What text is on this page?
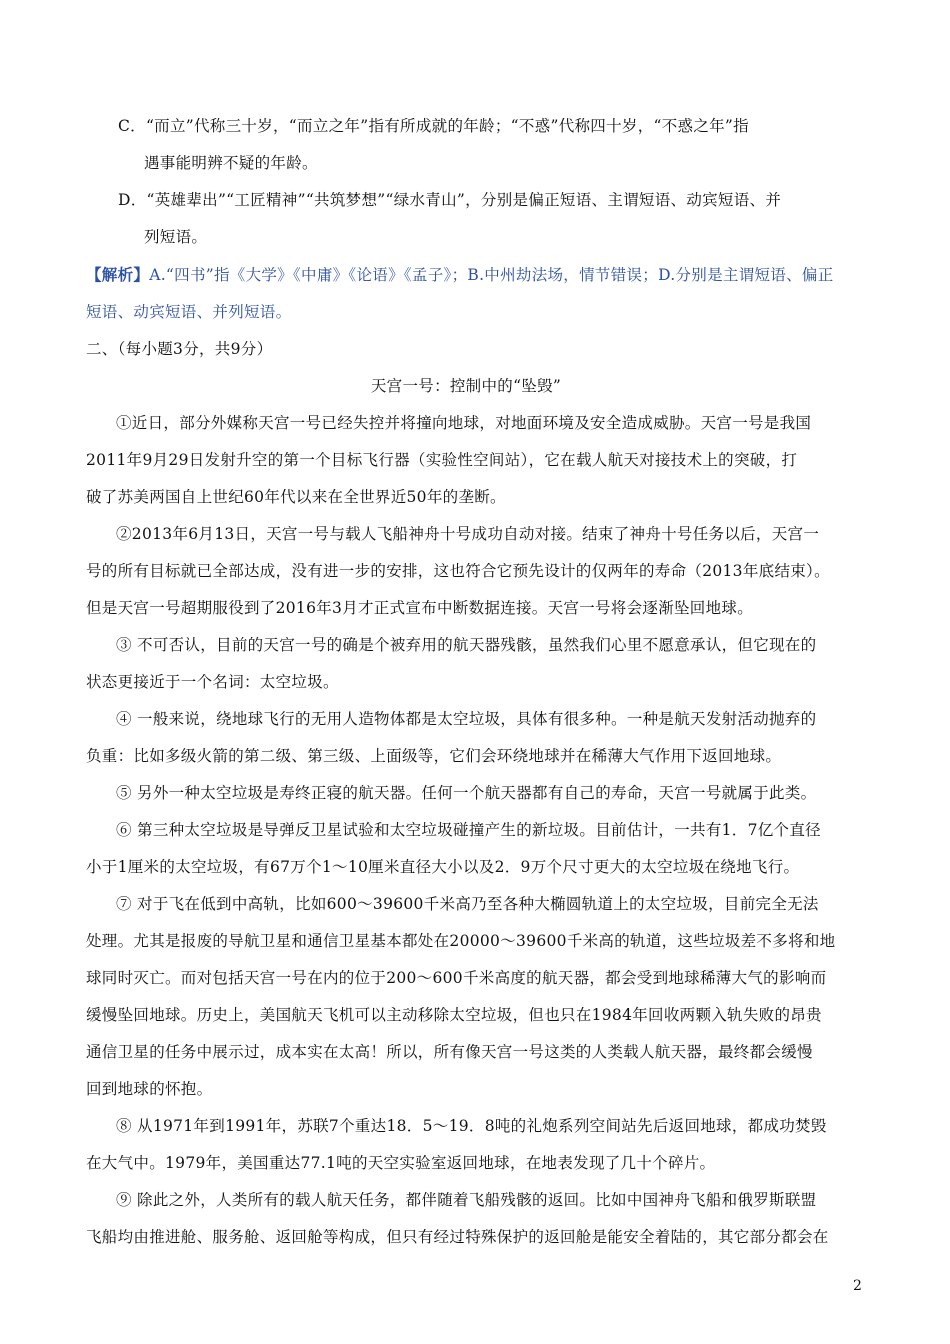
C．“而立”代称三十岁，“而立之年”指有所成就的年龄；“不惑”代称四十岁，“不惑之年”指
遇事能明辨不疑的年龄。
D．“英雄辈出”“工匠精神”“共筑梦想”“绿水青山”，分别是偏正短语、主谓短语、动宾短语、并
列短语。
【解析】A.“四书”指《大学》《中庸》《论语》《孟子》；B.中州劫法场，情节错误；D.分别是主谓短语、偏正
短语、动宾短语、并列短语。
二、（每小题3分，共9分）
天宫一号：控制中的“坠毁”
①近日，部分外媒称天宫一号已经失控并将撞向地球，对地面环境及安全造成威胁。天宫一号是我国
2011年9月29日发射升空的第一个目标飞行器（实验性空间站），它在载人航天对接技术上的突破，打
破了苏美两国自上世纪60年代以来在全世界近50年的垄断。
②2013年6月13日，天宫一号与载人飞船神舟十号成功自动对接。结束了神舟十号任务以后，天宫一
号的所有目标就已全部达成，没有进一步的安排，这也符合它预先设计的仅两年的寿命（2013年底结束）。
但是天宫一号超期服役到了2016年3月才正式宣布中断数据连接。天宫一号将会逐渐坠回地球。
③ 不可否认，目前的天宫一号的确是个被弃用的航天器残骸，虽然我们心里不愿意承认，但它现在的
状态更接近于一个名词：太空垃圾。
④ 一般来说，绕地球飞行的无用人造物体都是太空垃圾，具体有很多种。一种是航天发射活动抛弃的
负重：比如多级火箭的第二级、第三级、上面级等，它们会环绕地球并在稀薄大气作用下返回地球。
⑤ 另外一种太空垃圾是寿终正寝的航天器。任何一个航天器都有自己的寿命，天宫一号就属于此类。
⑥ 第三种太空垃圾是导弹反卫星试验和太空垃圾碰撞产生的新垃圾。目前估计，一共有1．7亿个直径
小于1厘米的太空垃圾，有67万个1～10厘米直径大小以及2．9万个尺寸更大的太空垃圾在绕地飞行。
⑦ 对于飞在低到中高轨，比如600～39600千米高乃至各种大椭圆轨道上的太空垃圾，目前完全无法
处理。尤其是报废的导航卫星和通信卫星基本都处在20000～39600千米高的轨道，这些垃圾差不多将和地
球同时灭亡。而对包括天宫一号在内的位于200～600千米高度的航天器，都会受到地球稀薄大气的影响而
缓慢坠回地球。历史上，美国航天飞机可以主动移除太空垃圾，但也只在1984年回收两颗入轨失败的昂贵
通信卫星的任务中展示过，成本实在太高！所以，所有像天宫一号这类的人类载人航天器，最终都会缓慢
回到地球的怀抱。
⑧ 从1971年到1991年，苏联7个重达18．5～19．8吨的礼炮系列空间站先后返回地球，都成功焚毁
在大气中。1979年，美国重达77.1吨的天空实验室返回地球，在地表发现了几十个碎片。
⑨ 除此之外，人类所有的载人航天任务，都伴随着飞船残骸的返回。比如中国神舟飞船和俄罗斯联盟
飞船均由推进舱、服务舱、返回舱等构成，但只有经过特殊保护的返回舱是能安全着陆的，其它部分都会在
2
